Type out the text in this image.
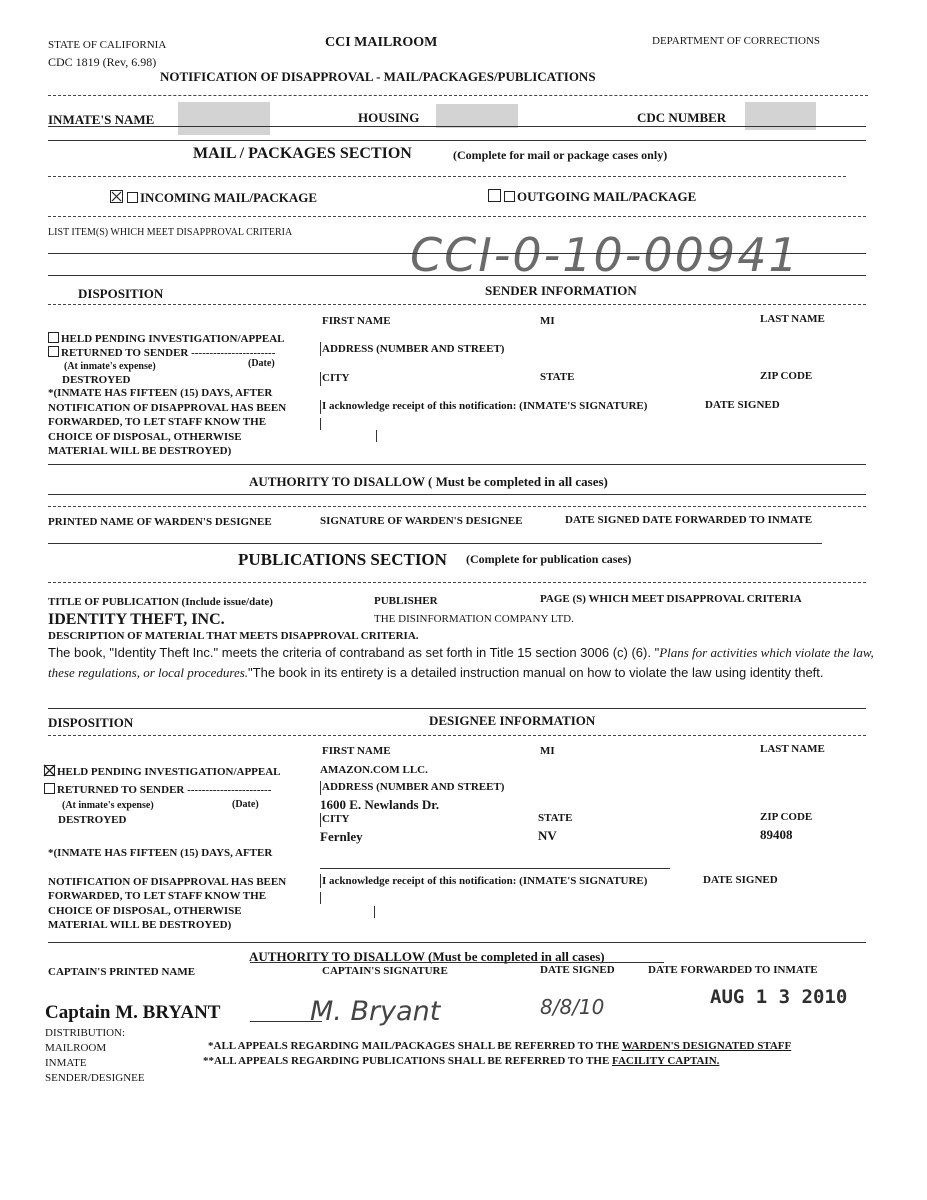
STATE OF CALIFORNIA
CDC 1819 (Rev, 6.98)
CCI MAILROOM	DEPARTMENT OF CORRECTIONS
NOTIFICATION OF DISAPPROVAL - MAIL/PACKAGES/PUBLICATIONS
INMATE'S NAME	HOUSING	CDC NUMBER
MAIL / PACKAGES SECTION	(Complete for mail or package cases only)
INCOMING MAIL/PACKAGE	OUTGOING MAIL/PACKAGE
LIST ITEM(S) WHICH MEET DISAPPROVAL CRITERIA	CCI-0-10-00941
DISPOSITION	SENDER INFORMATION
FIRST NAME	MI	LAST NAME
HELD PENDING INVESTIGATION/APPEAL
RETURNED TO SENDER -----------------------
(Date)
(At inmate's expense)
DESTROYED
ADDRESS (NUMBER AND STREET)
CITY	STATE	ZIP CODE
*(INMATE HAS FIFTEEN (15) DAYS, AFTER
NOTIFICATION OF DISAPPROVAL HAS BEEN
FORWARDED, TO LET STAFF KNOW THE
CHOICE OF DISPOSAL, OTHERWISE
MATERIAL WILL BE DESTROYED)
I acknowledge receipt of this notification: (INMATE'S SIGNATURE)	DATE SIGNED
AUTHORITY TO DISALLOW ( Must be completed in all cases)
PRINTED NAME OF WARDEN'S DESIGNEE	SIGNATURE OF WARDEN'S DESIGNEE	DATE SIGNED DATE FORWARDED TO INMATE
PUBLICATIONS SECTION (Complete for publication cases)
TITLE OF PUBLICATION (Include issue/date)	PUBLISHER	PAGE (S) WHICH MEET DISAPPROVAL CRITERIA
IDENTITY THEFT, INC.	THE DISINFORMATION COMPANY LTD.
DESCRIPTION OF MATERIAL THAT MEETS DISAPPROVAL CRITERIA.
The book, "Identity Theft Inc." meets the criteria of contraband as set forth in Title 15 section 3006 (c) (6). "Plans for activities which violate the law, these regulations, or local procedures."The book in its entirety is a detailed instruction manual on how to violate the law using identity theft.
DISPOSITION	DESIGNEE INFORMATION
FIRST NAME	MI	LAST NAME
HELD PENDING INVESTIGATION/APPEAL	AMAZON.COM LLC.
RETURNED TO SENDER -----------------------	ADDRESS (NUMBER AND STREET)
(At inmate's expense)	(Date)	1600 E. Newlands Dr.
DESTROYED	CITY	STATE	ZIP CODE
Fernley	NV	89408
*(INMATE HAS FIFTEEN (15) DAYS, AFTER
NOTIFICATION OF DISAPPROVAL HAS BEEN	I acknowledge receipt of this notification: (INMATE'S SIGNATURE)	DATE SIGNED
FORWARDED, TO LET STAFF KNOW THE
CHOICE OF DISPOSAL, OTHERWISE
MATERIAL WILL BE DESTROYED)
AUTHORITY TO DISALLOW (Must be completed in all cases)
CAPTAIN'S PRINTED NAME	CAPTAIN'S SIGNATURE	DATE SIGNED	DATE FORWARDED TO INMATE
Captain M. BRYANT	M. Bryant	8/8/10	AUG 1 3 2010
DISTRIBUTION:
MAILROOM
INMATE
SENDER/DESIGNEE
*ALL APPEALS REGARDING MAIL/PACKAGES SHALL BE REFERRED TO THE WARDEN'S DESIGNATED STAFF
**ALL APPEALS REGARDING PUBLICATIONS SHALL BE REFERRED TO THE FACILITY CAPTAIN.
